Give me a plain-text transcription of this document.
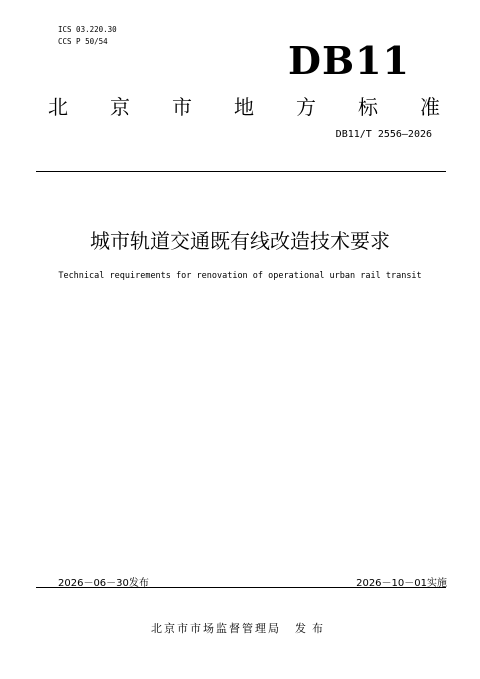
ICS 03.220.30
CCS P 50/54	DB11
北 京 市 地 方 标 准
DB11/T 2556—2026
城市轨道交通既有线改造技术要求
Technical requirements for renovation of operational urban rail transit
2026－06－30发布	2026－10－01实施
北京市市场监督管理局 发布
